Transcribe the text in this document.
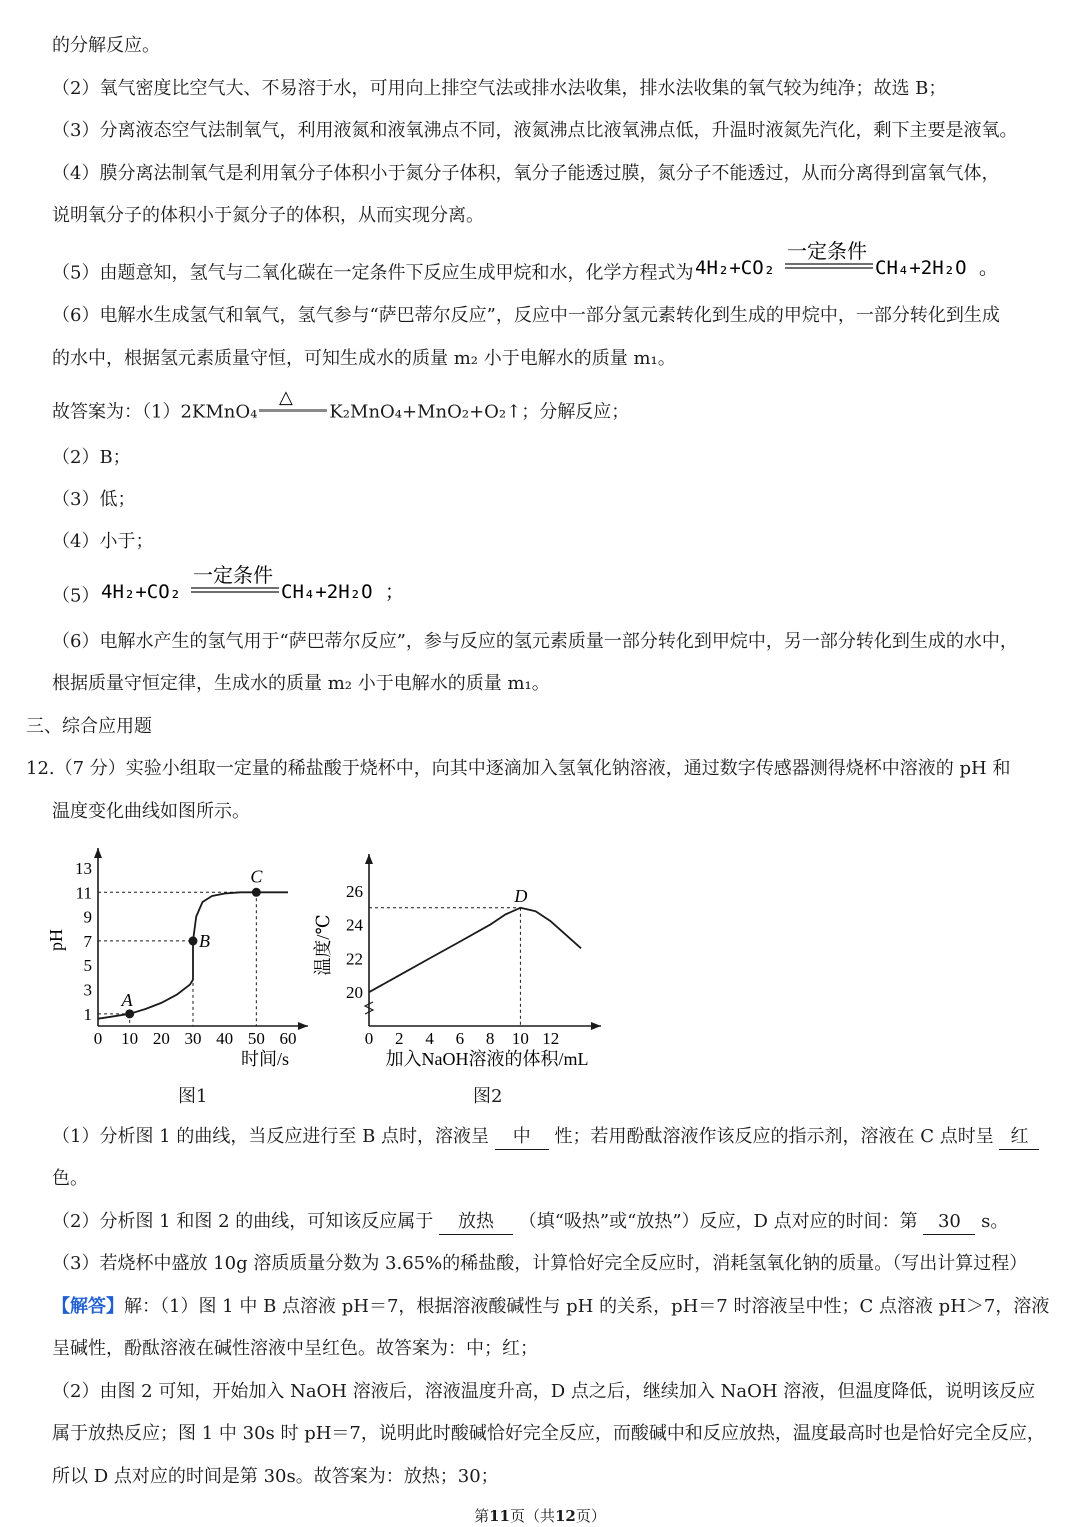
的分解反应。
（2）氧气密度比空气大、不易溶于水，可用向上排空气法或排水法收集，排水法收集的氧气较为纯净；故选 B；
（3）分离液态空气法制氧气，利用液氮和液氧沸点不同，液氮沸点比液氧沸点低，升温时液氮先汽化，剩下主要是液氧。
（4）膜分离法制氧气是利用氧分子体积小于氮分子体积，氧分子能透过膜，氮分子不能透过，从而分离得到富氧气体，
说明氧分子的体积小于氮分子的体积，从而实现分离。
（5）由题意知，氢气与二氧化碳在一定条件下反应生成甲烷和水，化学方程式为 4H₂+CO₂
一定条件
CH₄+2H₂O 。
（6）电解水生成氢气和氧气，氢气参与“萨巴蒂尔反应”，反应中一部分氢元素转化到生成的甲烷中，一部分转化到生成
的水中，根据氢元素质量守恒，可知生成水的质量 m₂ 小于电解水的质量 m₁。
故答案为：（1）2KMnO₄
△
K₂MnO₄+MnO₂+O₂↑；分解反应；
（2）B；
（3）低；
（4）小于；
（5） 4H₂+CO₂
一定条件
CH₄+2H₂O ；
（6）电解水产生的氢气用于“萨巴蒂尔反应”，参与反应的氢元素质量一部分转化到甲烷中，另一部分转化到生成的水中，
根据质量守恒定律，生成水的质量 m₂ 小于电解水的质量 m₁。
三、综合应用题
12.（7 分）实验小组取一定量的稀盐酸于烧杯中，向其中逐滴加入氢氧化钠溶液，通过数字传感器测得烧杯中溶液的 pH 和
温度变化曲线如图所示。
0 10 20 30 40 50 60
1
3
5
7
9
11
13
时间/s
pH
A
B
C
图1
0 2 4 6 8 10 12
20
22
24
26
加入NaOH溶液的体积/mL
温度/℃
D
图2
（1）分析图 1 的曲线，当反应进行至 B 点时，溶液呈 中 性；若用酚酞溶液作该反应的指示剂，溶液在 C 点时呈 红
色。
（2）分析图 1 和图 2 的曲线，可知该反应属于 放热 （填“吸热”或“放热”）反应，D 点对应的时间：第 30 s。
（3）若烧杯中盛放 10g 溶质质量分数为 3.65%的稀盐酸，计算恰好完全反应时，消耗氢氧化钠的质量。（写出计算过程）
【解答】解：（1）图 1 中 B 点溶液 pH＝7，根据溶液酸碱性与 pH 的关系，pH＝7 时溶液呈中性；C 点溶液 pH＞7，溶液
呈碱性，酚酞溶液在碱性溶液中呈红色。故答案为：中；红；
（2）由图 2 可知，开始加入 NaOH 溶液后，溶液温度升高，D 点之后，继续加入 NaOH 溶液，但温度降低，说明该反应
属于放热反应；图 1 中 30s 时 pH＝7，说明此时酸碱恰好完全反应，而酸碱中和反应放热，温度最高时也是恰好完全反应，
所以 D 点对应的时间是第 30s。故答案为：放热；30；
第11页（共12页）
